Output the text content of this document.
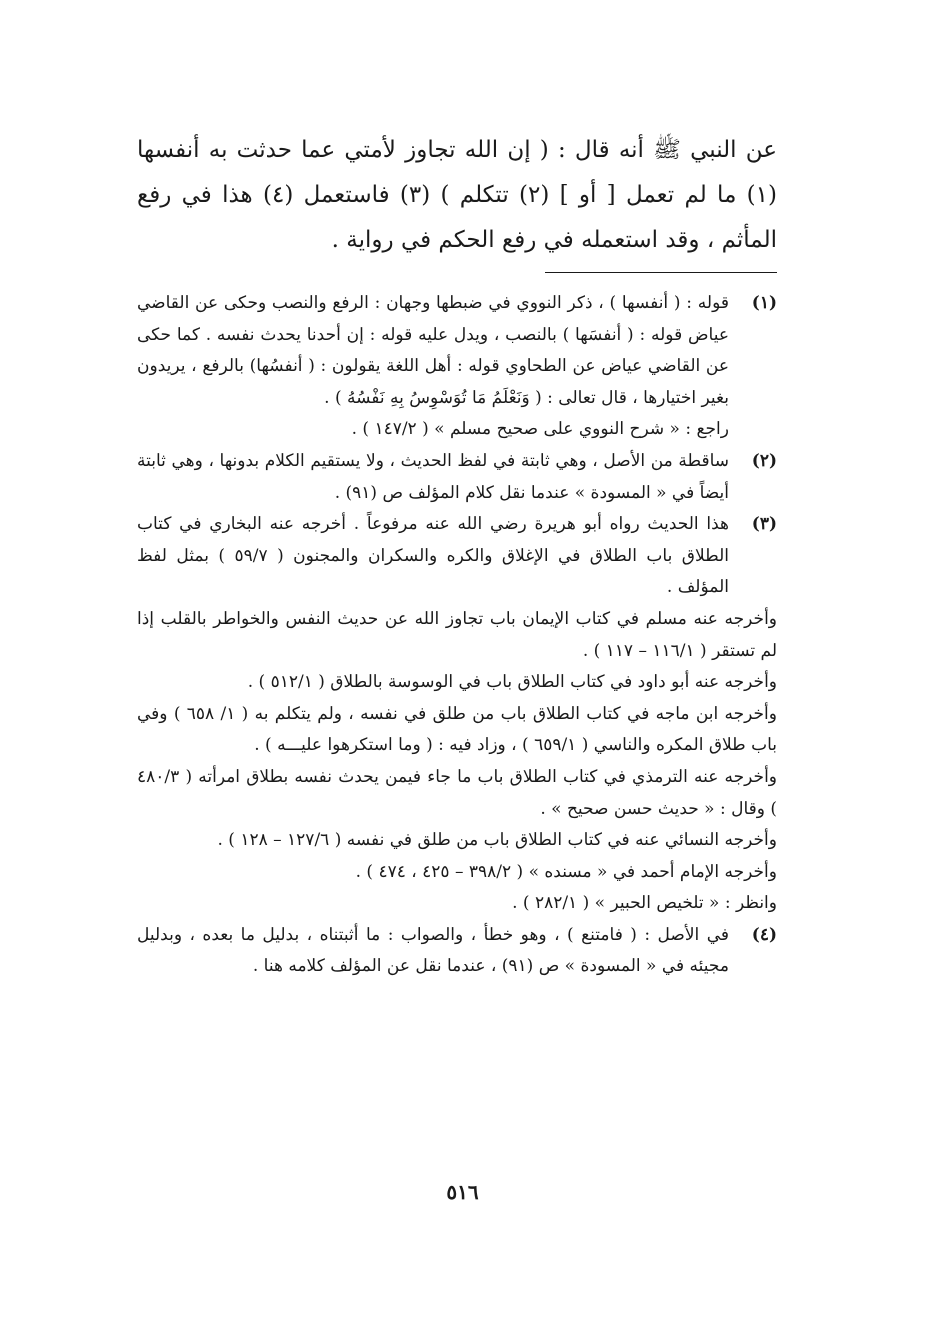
عن النبي ﷺ أنه قال : ( إن الله تجاوز لأمتي عما حدثت به أنفسها (١) ما لم تعمل [ أو ] (٢) تتكلم ) (٣) فاستعمل (٤) هذا في رفع المأثم ، وقد استعمله في رفع الحكم في رواية .

(١)

قوله : ( أنفسها ) ، ذكر النووي في ضبطها وجهان : الرفع والنصب وحكى عن القاضي عياض قوله : ( أنفسَها ) بالنصب ، ويدل عليه قوله : إن أحدنا يحدث نفسه . كما حكى عن القاضي عياض عن الطحاوي قوله : أهل اللغة يقولون : ( أنفسُها) بالرفع ، يريدون بغير اختيارها ، قال تعالى : ( وَنَعْلَمُ مَا تُوَسْوِسُ بِهِ نَفْسُهُ ) .

راجع : « شرح النووي على صحيح مسلم » ( ١٤٧/٢ ) .

(٢)

ساقطة من الأصل ، وهي ثابتة في لفظ الحديث ، ولا يستقيم الكلام بدونها ، وهي ثابتة أيضاً في « المسودة » عندما نقل كلام المؤلف ص (٩١) .

(٣)

هذا الحديث رواه أبو هريرة رضي الله عنه مرفوعاً . أخرجه عنه البخاري في كتاب الطلاق باب الطلاق في الإغلاق والكره والسكران والمجنون ( ٥٩/٧ ) بمثل لفظ المؤلف .

وأخرجه عنه مسلم في كتاب الإيمان باب تجاوز الله عن حديث النفس والخواطر بالقلب إذا لم تستقر ( ١١٦/١ – ١١٧ ) .

وأخرجه عنه أبو داود في كتاب الطلاق باب في الوسوسة بالطلاق ( ٥١٢/١ ) .

وأخرجه ابن ماجه في كتاب الطلاق باب من طلق في نفسه ، ولم يتكلم به ( ١/ ٦٥٨ ) وفي باب طلاق المكره والناسي ( ٦٥٩/١ ) ، وزاد فيه : ( وما استكرهوا عليـــه ) .

وأخرجه عنه الترمذي في كتاب الطلاق باب ما جاء فيمن يحدث نفسه بطلاق امرأته ( ٤٨٠/٣ ) وقال : « حديث حسن صحيح » .

وأخرجه النسائي عنه في كتاب الطلاق باب من طلق في نفسه ( ١٢٧/٦ – ١٢٨ ) .

وأخرجه الإمام أحمد في « مسنده » ( ٣٩٨/٢ – ٤٢٥ ، ٤٧٤ ) .

وانظر : « تلخيص الحبير » ( ٢٨٢/١ ) .

(٤)

في الأصل : ( فامتنع ) ، وهو خطأ ، والصواب : ما أثبتناه ، بدليل ما بعده ، وبدليل مجيئه في « المسودة » ص (٩١) ، عندما نقل عن المؤلف كلامه هنا .

٥١٦
